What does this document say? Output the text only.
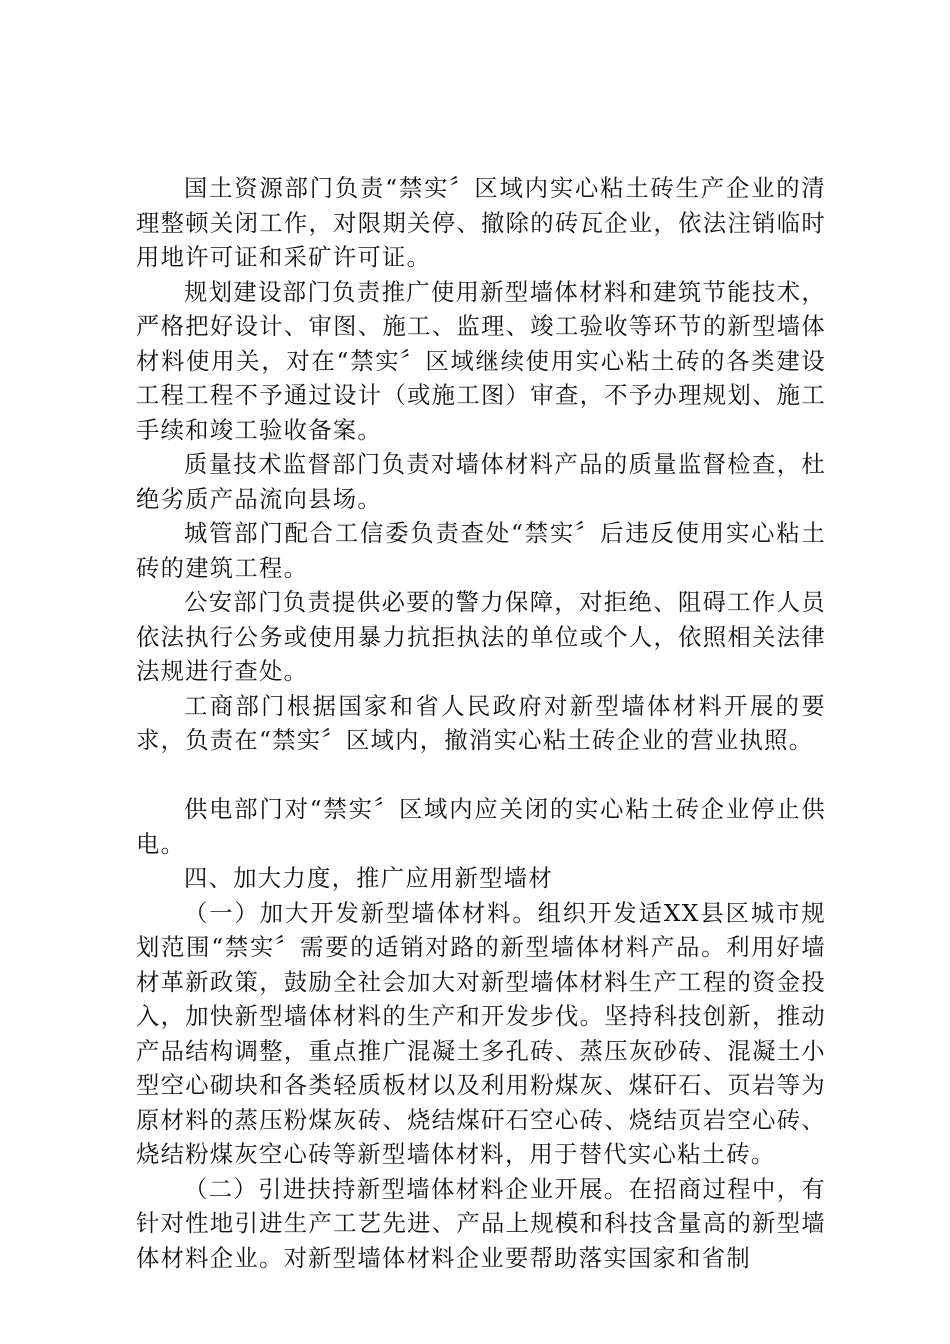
国土资源部门负责“禁实〞区域内实心粘土砖生产企业的清理整顿关闭工作，对限期关停、撤除的砖瓦企业，依法注销临时用地许可证和采矿许可证。

规划建设部门负责推广使用新型墙体材料和建筑节能技术，严格把好设计、审图、施工、监理、竣工验收等环节的新型墙体材料使用关，对在“禁实〞区域继续使用实心粘土砖的各类建设工程工程不予通过设计（或施工图）审查，不予办理规划、施工手续和竣工验收备案。

质量技术监督部门负责对墙体材料产品的质量监督检查，杜绝劣质产品流向县场。

城管部门配合工信委负责查处“禁实〞后违反使用实心粘土砖的建筑工程。

公安部门负责提供必要的警力保障，对拒绝、阻碍工作人员依法执行公务或使用暴力抗拒执法的单位或个人，依照相关法律法规进行查处。

工商部门根据国家和省人民政府对新型墙体材料开展的要求，负责在“禁实〞区域内，撤消实心粘土砖企业的营业执照。

供电部门对“禁实〞区域内应关闭的实心粘土砖企业停止供电。

四、加大力度，推广应用新型墙材

（一）加大开发新型墙体材料。组织开发适XX县区城市规划范围“禁实〞需要的适销对路的新型墙体材料产品。利用好墙材革新政策，鼓励全社会加大对新型墙体材料生产工程的资金投入，加快新型墙体材料的生产和开发步伐。坚持科技创新，推动产品结构调整，重点推广混凝土多孔砖、蒸压灰砂砖、混凝土小型空心砌块和各类轻质板材以及利用粉煤灰、煤矸石、页岩等为原材料的蒸压粉煤灰砖、烧结煤矸石空心砖、烧结页岩空心砖、烧结粉煤灰空心砖等新型墙体材料，用于替代实心粘土砖。

（二）引进扶持新型墙体材料企业开展。在招商过程中，有针对性地引进生产工艺先进、产品上规模和科技含量高的新型墙体材料企业。对新型墙体材料企业要帮助落实国家和省制
